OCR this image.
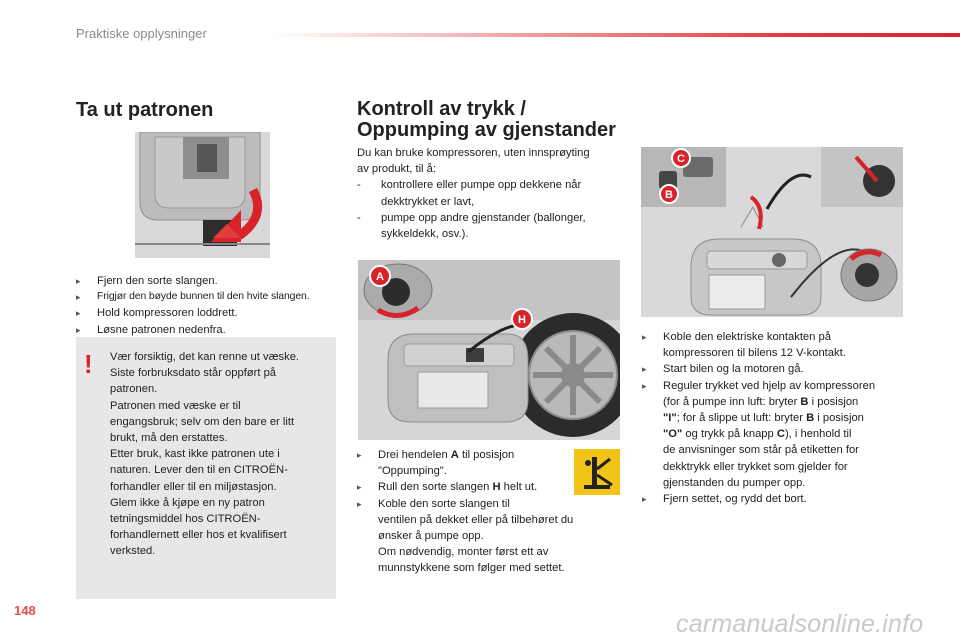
Praktiske opplysninger
Ta ut patronen
▸ Fjern den sorte slangen.
▸ Frigjør den bøyde bunnen til den hvite slangen.
▸ Hold kompressoren loddrett.
▸ Løsne patronen nedenfra.
! Vær forsiktig, det kan renne ut væske.
Siste forbruksdato står oppført på
patronen.
Patronen med væske er til
engangsbruk; selv om den bare er litt
brukt, må den erstattes.
Etter bruk, kast ikke patronen ute i
naturen. Lever den til en CITROËN-
forhandler eller til en miljøstasjon.
Glem ikke å kjøpe en ny patron
tetningsmiddel hos CITROËN-
forhandlernett eller hos et kvalifisert
verksted.
Kontroll av trykk /
Oppumping av gjenstander
Du kan bruke kompressoren, uten innsprøyting
av produkt, til å:
- kontrollere eller pumpe opp dekkene når
dekktrykket er lavt,
- pumpe opp andre gjenstander (ballonger,
sykkeldekk, osv.).
A
H
▸ Drei hendelen A til posisjon
"Oppumping".
▸ Rull den sorte slangen H helt ut.
▸ Koble den sorte slangen til
ventilen på dekket eller på tilbehøret du
ønsker å pumpe opp.
Om nødvendig, monter først ett av
munnstykkene som følger med settet.
C
B
▸ Koble den elektriske kontakten på
kompressoren til bilens 12 V-kontakt.
▸ Start bilen og la motoren gå.
▸ Reguler trykket ved hjelp av kompressoren
(for å pumpe inn luft: bryter B i posisjon
"I"; for å slippe ut luft: bryter B i posisjon
"O" og trykk på knapp C), i henhold til
de anvisninger som står på etiketten for
dekktrykk eller trykket som gjelder for
gjenstanden du pumper opp.
▸ Fjern settet, og rydd det bort.
148	carmanualsonline.info
